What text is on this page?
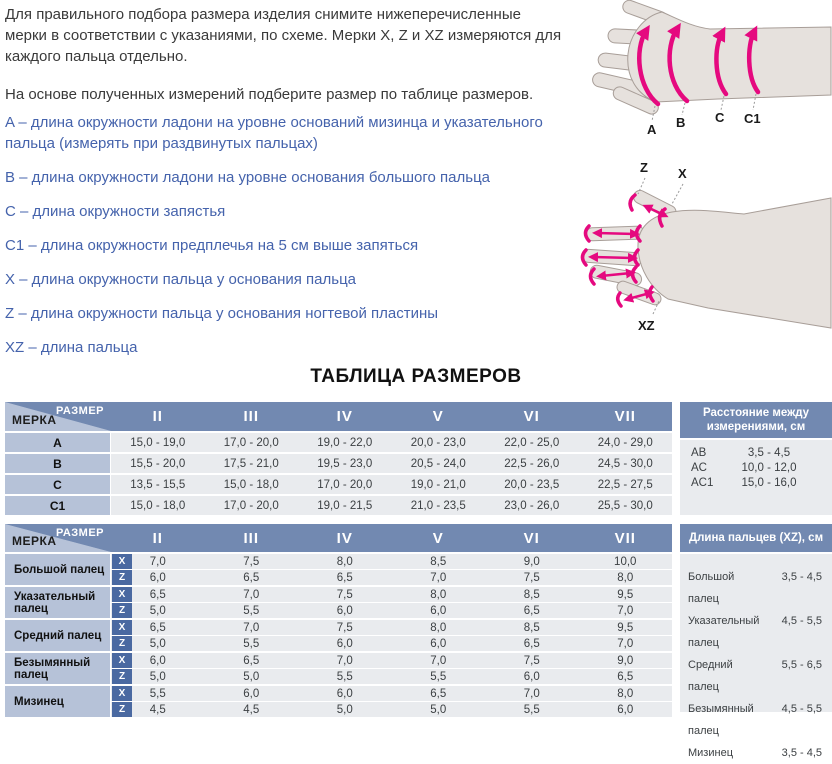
Для правильного подбора размера изделия снимите нижеперечисленные мерки в соответствии с указаниями, по схеме. Мерки X, Z и XZ измеряются для каждого пальца отдельно.

На основе полученных измерений подберите размер по таблице размеров.

A – длина окружности ладони на уровне оснований мизинца и указательного пальца (измерять при раздвинутых пальцах)
B – длина окружности ладони на уровне основания большого пальца
C – длина окружности запястья
C1 – длина окружности предплечья на 5 см выше запяться
X – длина окружности пальца у основания пальца
Z – длина окружности пальца у основания ногтевой пластины
XZ – длина пальца
A B C C1
Z X
XZ
ТАБЛИЦА РАЗМЕРОВ
РАЗМЕР
МЕРКА	II	III	IV	V	VI	VII
A	15,0 - 19,0	17,0 - 20,0	19,0 - 22,0	20,0 - 23,0	22,0 - 25,0	24,0 - 29,0
B	15,5 - 20,0	17,5 - 21,0	19,5 - 23,0	20,5 - 24,0	22,5 - 26,0	24,5 - 30,0
C	13,5 - 15,5	15,0 - 18,0	17,0 - 20,0	19,0 - 21,0	20,0 - 23,5	22,5 - 27,5
C1	15,0 - 18,0	17,0 - 20,0	19,0 - 21,5	21,0 - 23,5	23,0 - 26,0	25,5 - 30,0
Расстояние между измерениями, см
AB	3,5 - 4,5
AC	10,0 - 12,0
AC1	15,0 - 16,0
РАЗМЕР
МЕРКА	II	III	IV	V	VI	VII
Большой палец
X	7,0	7,5	8,0	8,5	9,0	10,0
Z	6,0	6,5	6,5	7,0	7,5	8,0
Указательный палец
X	6,5	7,0	7,5	8,0	8,5	9,5
Z	5,0	5,5	6,0	6,0	6,5	7,0
Средний палец
X	6,5	7,0	7,5	8,0	8,5	9,5
Z	5,0	5,5	6,0	6,0	6,5	7,0
Безымянный палец
X	6,0	6,5	7,0	7,0	7,5	9,0
Z	5,0	5,0	5,5	5,5	6,0	6,5
Мизинец
X	5,5	6,0	6,0	6,5	7,0	8,0
Z	4,5	4,5	5,0	5,0	5,5	6,0
Длина пальцев (XZ), см
Большой палец
3,5 - 4,5
Указательный палец
4,5 - 5,5
Средний палец
5,5 - 6,5
Безымянный палец
4,5 - 5,5
Мизинец	3,5 - 4,5
